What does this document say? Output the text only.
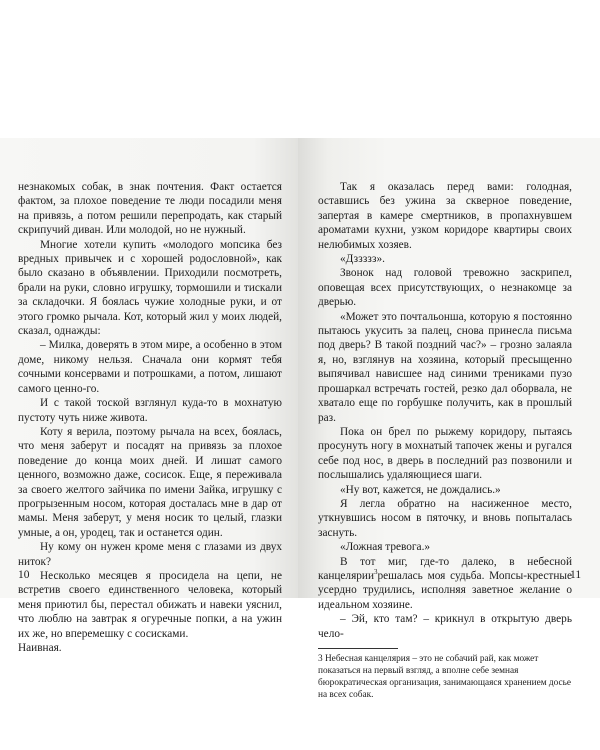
незнакомых собак, в знак почтения. Факт остается фактом, за плохое поведение те люди посадили меня на привязь, а потом решили перепродать, как старый скрипучий диван. Или молодой, но не нужный.

Многие хотели купить «молодого мопсика без вредных привычек и с хорошей родословной», как было сказано в объявлении. Приходили посмотреть, брали на руки, словно игрушку, тормошили и тискали за складочки. Я боялась чужие холодные руки, и от этого громко рычала. Кот, который жил у моих людей, сказал, однажды:

– Милка, доверять в этом мире, а особенно в этом доме, никому нельзя. Сначала они кормят тебя сочными консервами и потрошками, а потом, лишают самого ценно-го.

И с такой тоской взглянул куда-то в мохнатую пустоту чуть ниже живота.

Коту я верила, поэтому рычала на всех, боялась, что меня заберут и посадят на привязь за плохое поведение до конца моих дней. И лишат самого ценного, возможно даже, сосисок. Еще, я переживала за своего желтого зайчика по имени Зайка, игрушку с прогрызенным носом, которая досталась мне в дар от мамы. Меня заберут, у меня носик то целый, глазки умные, а он, уродец, так и останется один.

Ну кому он нужен кроме меня с глазами из двух ниток?

Несколько месяцев я просидела на цепи, не встретив своего единственного человека, который меня приютил бы, перестал обижать и навеки уяснил, что люблю на завтрак я огуречные попки, а на ужин их же, но вперемешку с сосисками.

Наивная.

10

Так я оказалась перед вами: голодная, оставшись без ужина за скверное поведение, запертая в камере смертников, в пропахнувшем ароматами кухни, узком коридоре квартиры своих нелюбимых хозяев.

«Дззззз».

Звонок над головой тревожно заскрипел, оповещая всех присутствующих, о незнакомце за дверью.

«Может это почтальонша, которую я постоянно пытаюсь укусить за палец, снова принесла письма под дверь? В такой поздний час?» – грозно залаяла я, но, взглянув на хозяина, который пресыщенно выпячивал нависшее над синими трениками пузо прошаркал встречать гостей, резко дал оборвала, не хватало еще по горбушке получить, как в прошлый раз.

Пока он брел по рыжему коридору, пытаясь просунуть ногу в мохнатый тапочек жены и ругался себе под нос, в дверь в последний раз позвонили и послышались удаляющиеся шаги.

«Ну вот, кажется, не дождались.»

Я легла обратно на насиженное место, уткнувшись носом в пяточку, и вновь попыталась заснуть.

«Ложная тревога.»

В тот миг, где-то далеко, в небесной канцелярии$^3$решалась моя судьба. Мопсы-крестные усердно трудились, исполняя заветное желание о идеальном хозяине.

– Эй, кто там? – крикнул в открытую дверь чело-

3 Небесная канцелярия – это не собачий рай, как может показаться на первый взгляд, а вполне себе земная бюрократическая организация, занимающаяся хранением досье на всех собак.
11
